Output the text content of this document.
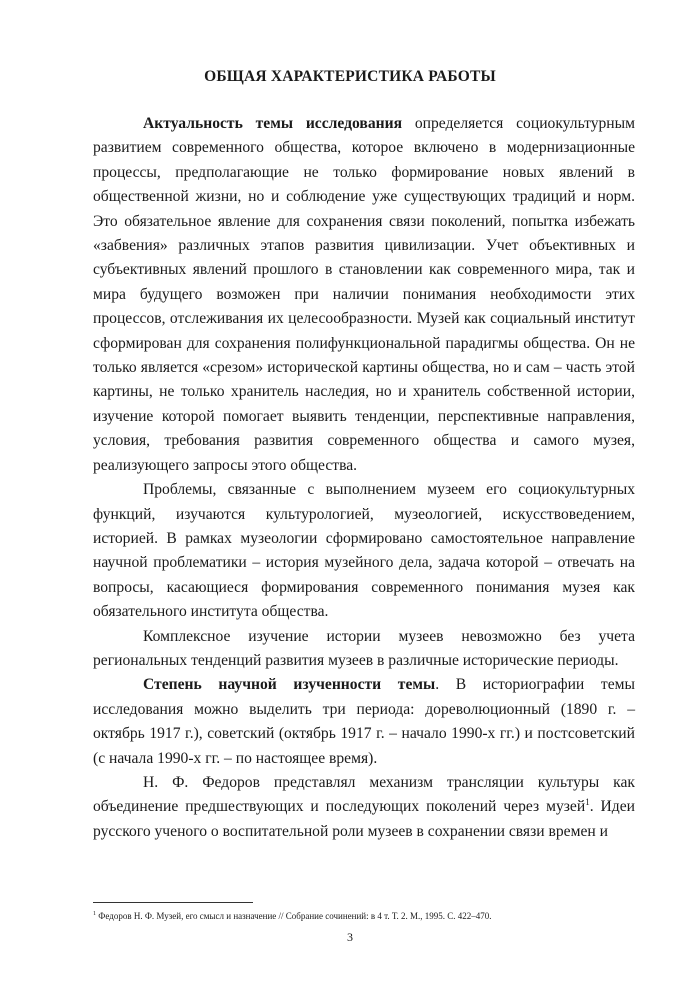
ОБЩАЯ ХАРАКТЕРИСТИКА РАБОТЫ

Актуальность темы исследования определяется социокультурным развитием современного общества, которое включено в модернизационные процессы, предполагающие не только формирование новых явлений в общественной жизни, но и соблюдение уже существующих традиций и норм. Это обязательное явление для сохранения связи поколений, попытка избежать «забвения» различных этапов развития цивилизации. Учет объективных и субъективных явлений прошлого в становлении как современного мира, так и мира будущего возможен при наличии понимания необходимости этих процессов, отслеживания их целесообразности. Музей как социальный институт сформирован для сохранения полифункциональной парадигмы общества. Он не только является «срезом» исторической картины общества, но и сам – часть этой картины, не только хранитель наследия, но и хранитель собственной истории, изучение которой помогает выявить тенденции, перспективные направления, условия, требования развития современного общества и самого музея, реализующего запросы этого общества.

Проблемы, связанные с выполнением музеем его социокультурных функций, изучаются культурологией, музеологией, искусствоведением, историей. В рамках музеологии сформировано самостоятельное направление научной проблематики – история музейного дела, задача которой – отвечать на вопросы, касающиеся формирования современного понимания музея как обязательного института общества.

Комплексное изучение истории музеев невозможно без учета региональных тенденций развития музеев в различные исторические периоды.

Степень научной изученности темы. В историографии темы исследования можно выделить три периода: дореволюционный (1890 г. – октябрь 1917 г.), советский (октябрь 1917 г. – начало 1990-х гг.) и постсоветский (с начала 1990-х гг. – по настоящее время).

Н. Ф. Федоров представлял механизм трансляции культуры как объединение предшествующих и последующих поколений через музей$^1$. Идеи русского ученого о воспитательной роли музеев в сохранении связи времен и

$^1$ Федоров Н. Ф. Музей, его смысл и назначение // Собрание сочинений: в 4 т. Т. 2. М., 1995. С. 422–470.
3
